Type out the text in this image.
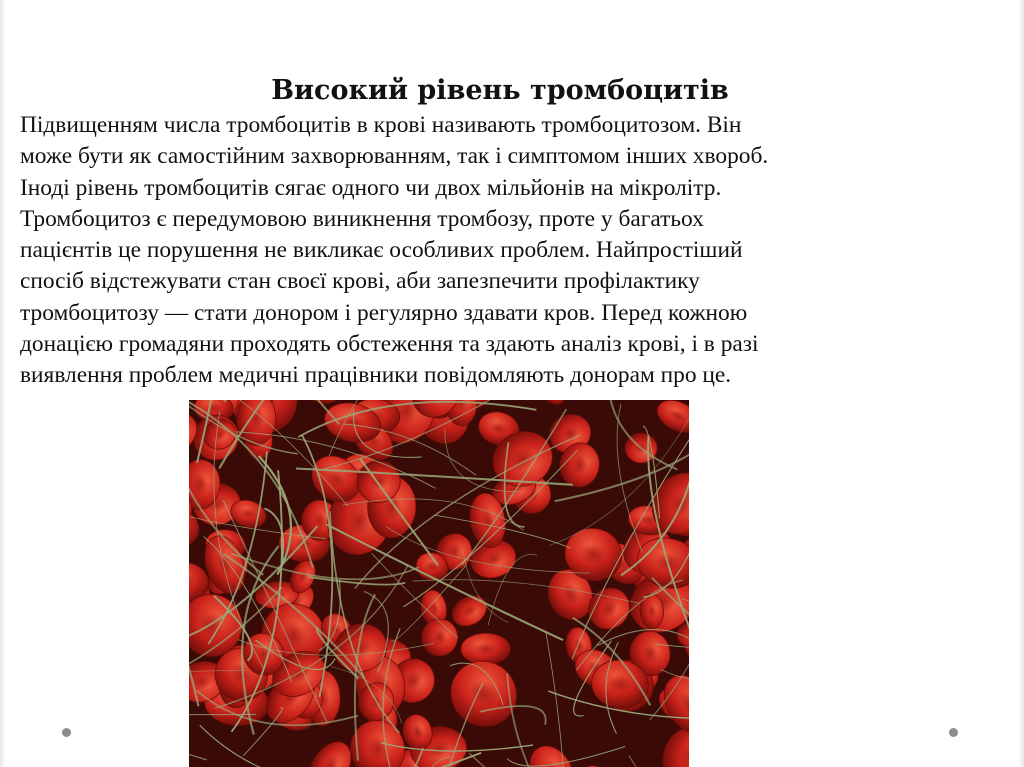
Високий рівень тромбоцитів

Підвищенням числа тромбоцитів в крові називають тромбоцитозом. Він
може бути як самостійним захворюванням, так і симптомом інших хвороб.
Іноді рівень тромбоцитів сягає одного чи двох мільйонів на мікролітр.
Тромбоцитоз є передумовою виникнення тромбозу, проте у багатьох
пацієнтів це порушення не викликає особливих проблем. Найпростіший
спосіб відстежувати стан своєї крові, аби запезпечити профілактику
тромбоцитозу — стати донором і регулярно здавати кров. Перед кожною
донацією громадяни проходять обстеження та здають аналіз крові, і в разі
виявлення проблем медичні працівники повідомляють донорам про це.
